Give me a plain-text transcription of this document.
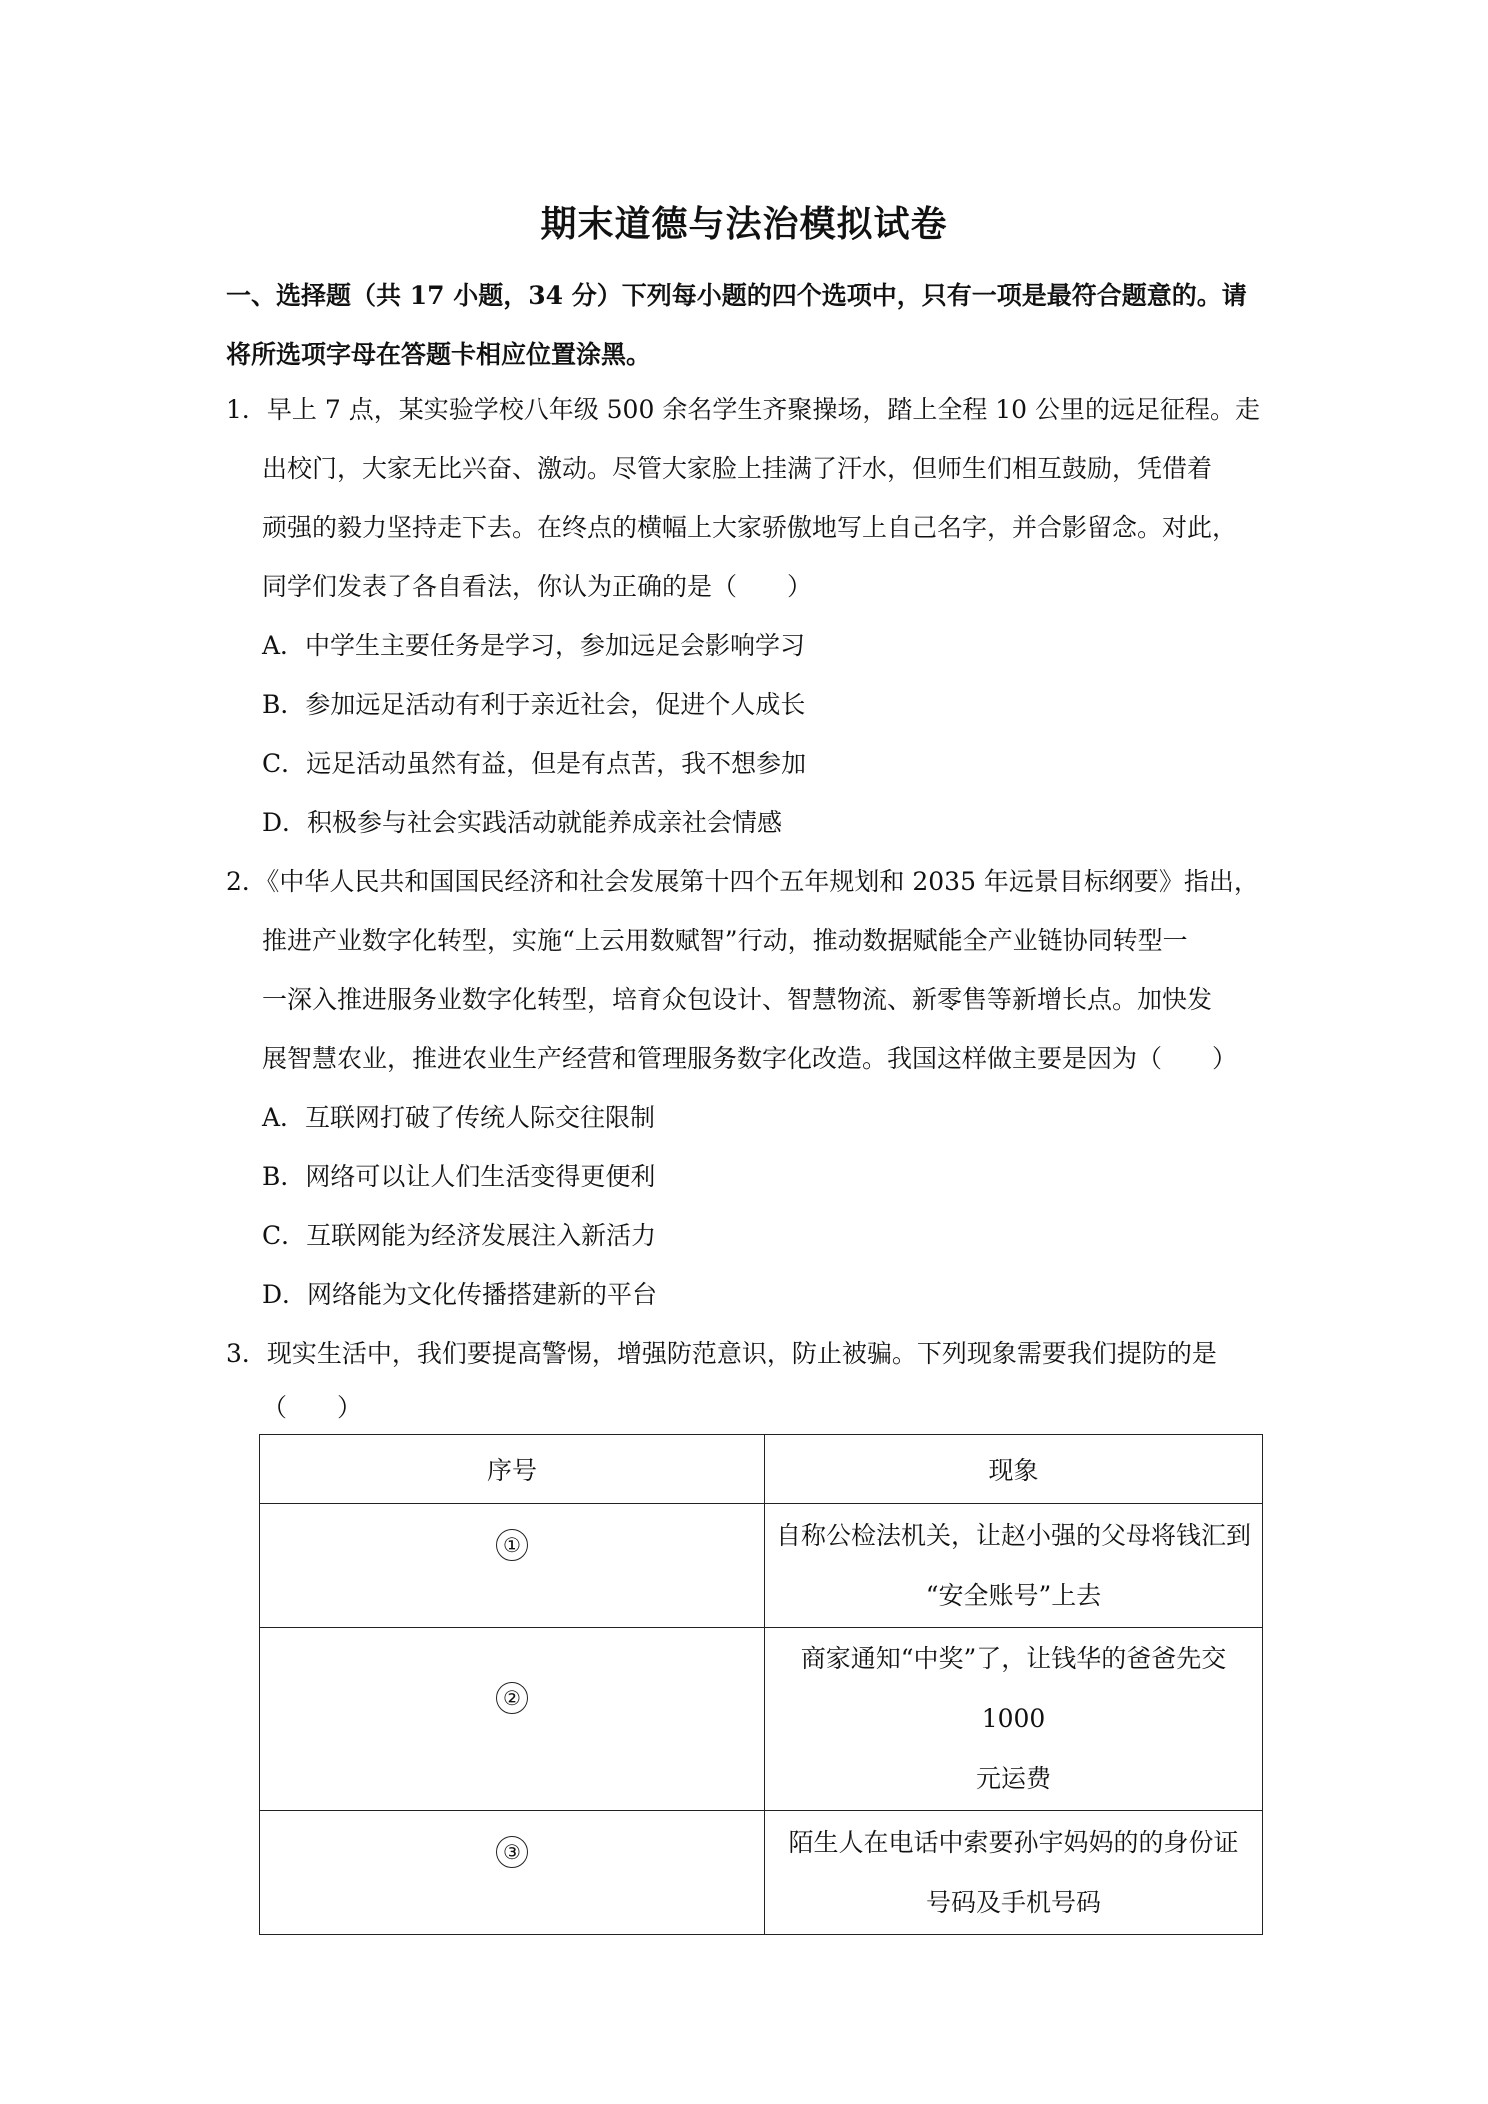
期末道德与法治模拟试卷
一、选择题（共 17 小题，34 分）下列每小题的四个选项中，只有一项是最符合题意的。请
将所选项字母在答题卡相应位置涂黑。
1．早上 7 点，某实验学校八年级 500 余名学生齐聚操场，踏上全程 10 公里的远足征程。走
出校门，大家无比兴奋、激动。尽管大家脸上挂满了汗水，但师生们相互鼓励，凭借着
顽强的毅力坚持走下去。在终点的横幅上大家骄傲地写上自己名字，并合影留念。对此，
同学们发表了各自看法，你认为正确的是（　　）
A．中学生主要任务是学习，参加远足会影响学习
B．参加远足活动有利于亲近社会，促进个人成长
C．远足活动虽然有益，但是有点苦，我不想参加
D．积极参与社会实践活动就能养成亲社会情感
2．《中华人民共和国国民经济和社会发展第十四个五年规划和 2035 年远景目标纲要》指出，
推进产业数字化转型，实施“上云用数赋智”行动，推动数据赋能全产业链协同转型一
一深入推进服务业数字化转型，培育众包设计、智慧物流、新零售等新增长点。加快发
展智慧农业，推进农业生产经营和管理服务数字化改造。我国这样做主要是因为（　　）
A．互联网打破了传统人际交往限制
B．网络可以让人们生活变得更便利
C．互联网能为经济发展注入新活力
D．网络能为文化传播搭建新的平台
3．现实生活中，我们要提高警惕，增强防范意识，防止被骗。下列现象需要我们提防的是
（　　）
序号	现象
①	自称公检法机关，让赵小强的父母将钱汇到
“安全账号”上去

②	商家通知“中奖”了，让钱华的爸爸先交 1000
元运费

③	陌生人在电话中索要孙宇妈妈的的身份证
号码及手机号码
